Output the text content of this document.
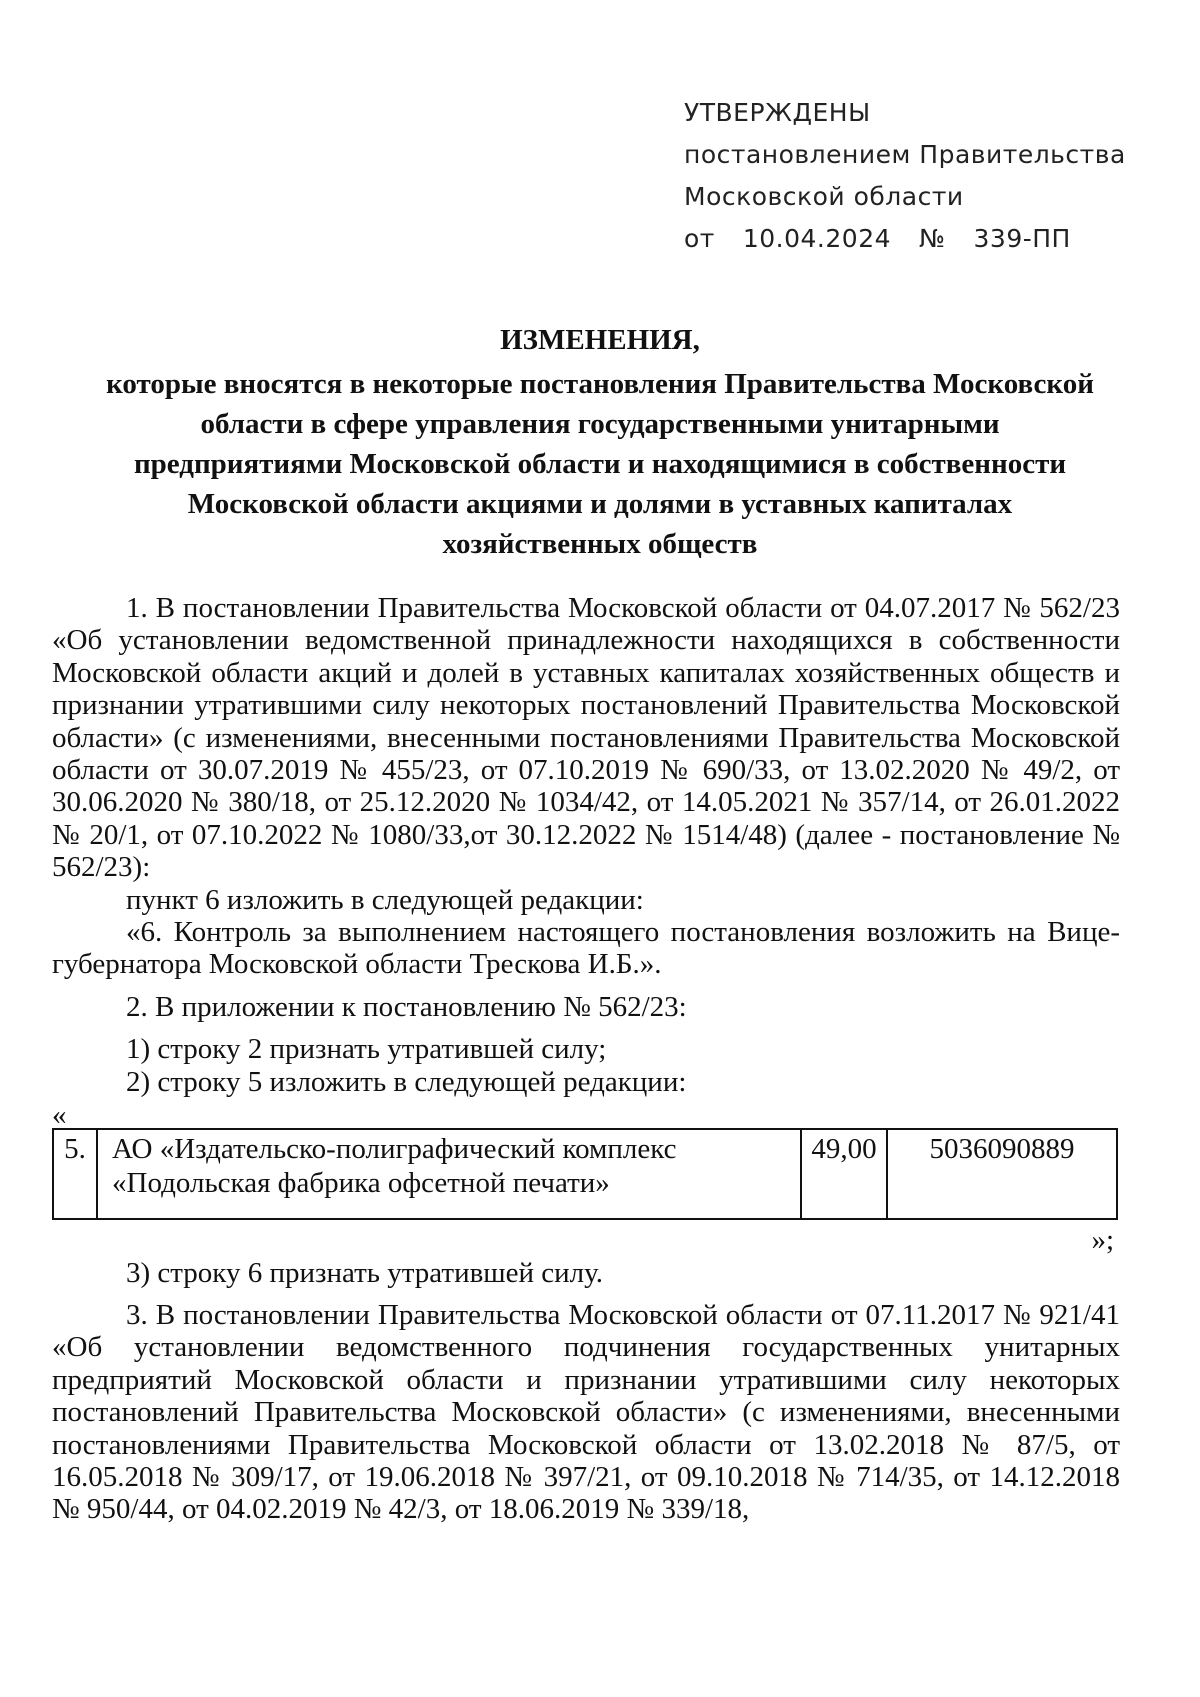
УТВЕРЖДЕНЫ
постановлением Правительства
Московской области
от 10.04.2024 № 339-ПП
ИЗМЕНЕНИЯ,
которые вносятся в некоторые постановления Правительства Московской области в сфере управления государственными унитарными предприятиями Московской области и находящимися в собственности Московской области акциями и долями в уставных капиталах хозяйственных обществ

1. В постановлении Правительства Московской области от 04.07.2017 № 562/23 «Об установлении ведомственной принадлежности находящихся в собственности Московской области акций и долей в уставных капиталах хозяйственных обществ и признании утратившими силу некоторых постановлений Правительства Московской области» (с изменениями, внесенными постановлениями Правительства Московской области от 30.07.2019 № 455/23, от 07.10.2019 № 690/33, от 13.02.2020 № 49/2, от 30.06.2020 № 380/18, от 25.12.2020 № 1034/42, от 14.05.2021 № 357/14, от 26.01.2022 № 20/1, от 07.10.2022 № 1080/33,от 30.12.2022 № 1514/48) (далее - постановление № 562/23):

пункт 6 изложить в следующей редакции:

«6. Контроль за выполнением настоящего постановления возложить на Вице-губернатора Московской области Трескова И.Б.».

2. В приложении к постановлению № 562/23:

1) строку 2 признать утратившей силу;

2) строку 5 изложить в следующей редакции:

«

5.	АО «Издательско-полиграфический комплекс
«Подольская фабрика офсетной печати»
	49,00	5036090889

»;

3) строку 6 признать утратившей силу.

3. В постановлении Правительства Московской области от 07.11.2017 № 921/41 «Об установлении ведомственного подчинения государственных унитарных предприятий Московской области и признании утратившими силу некоторых постановлений Правительства Московской области» (с изменениями, внесенными постановлениями Правительства Московской области от 13.02.2018 № 87/5, от 16.05.2018 № 309/17, от 19.06.2018 № 397/21, от 09.10.2018 № 714/35, от 14.12.2018 № 950/44, от 04.02.2019 № 42/3, от 18.06.2019 № 339/18,
